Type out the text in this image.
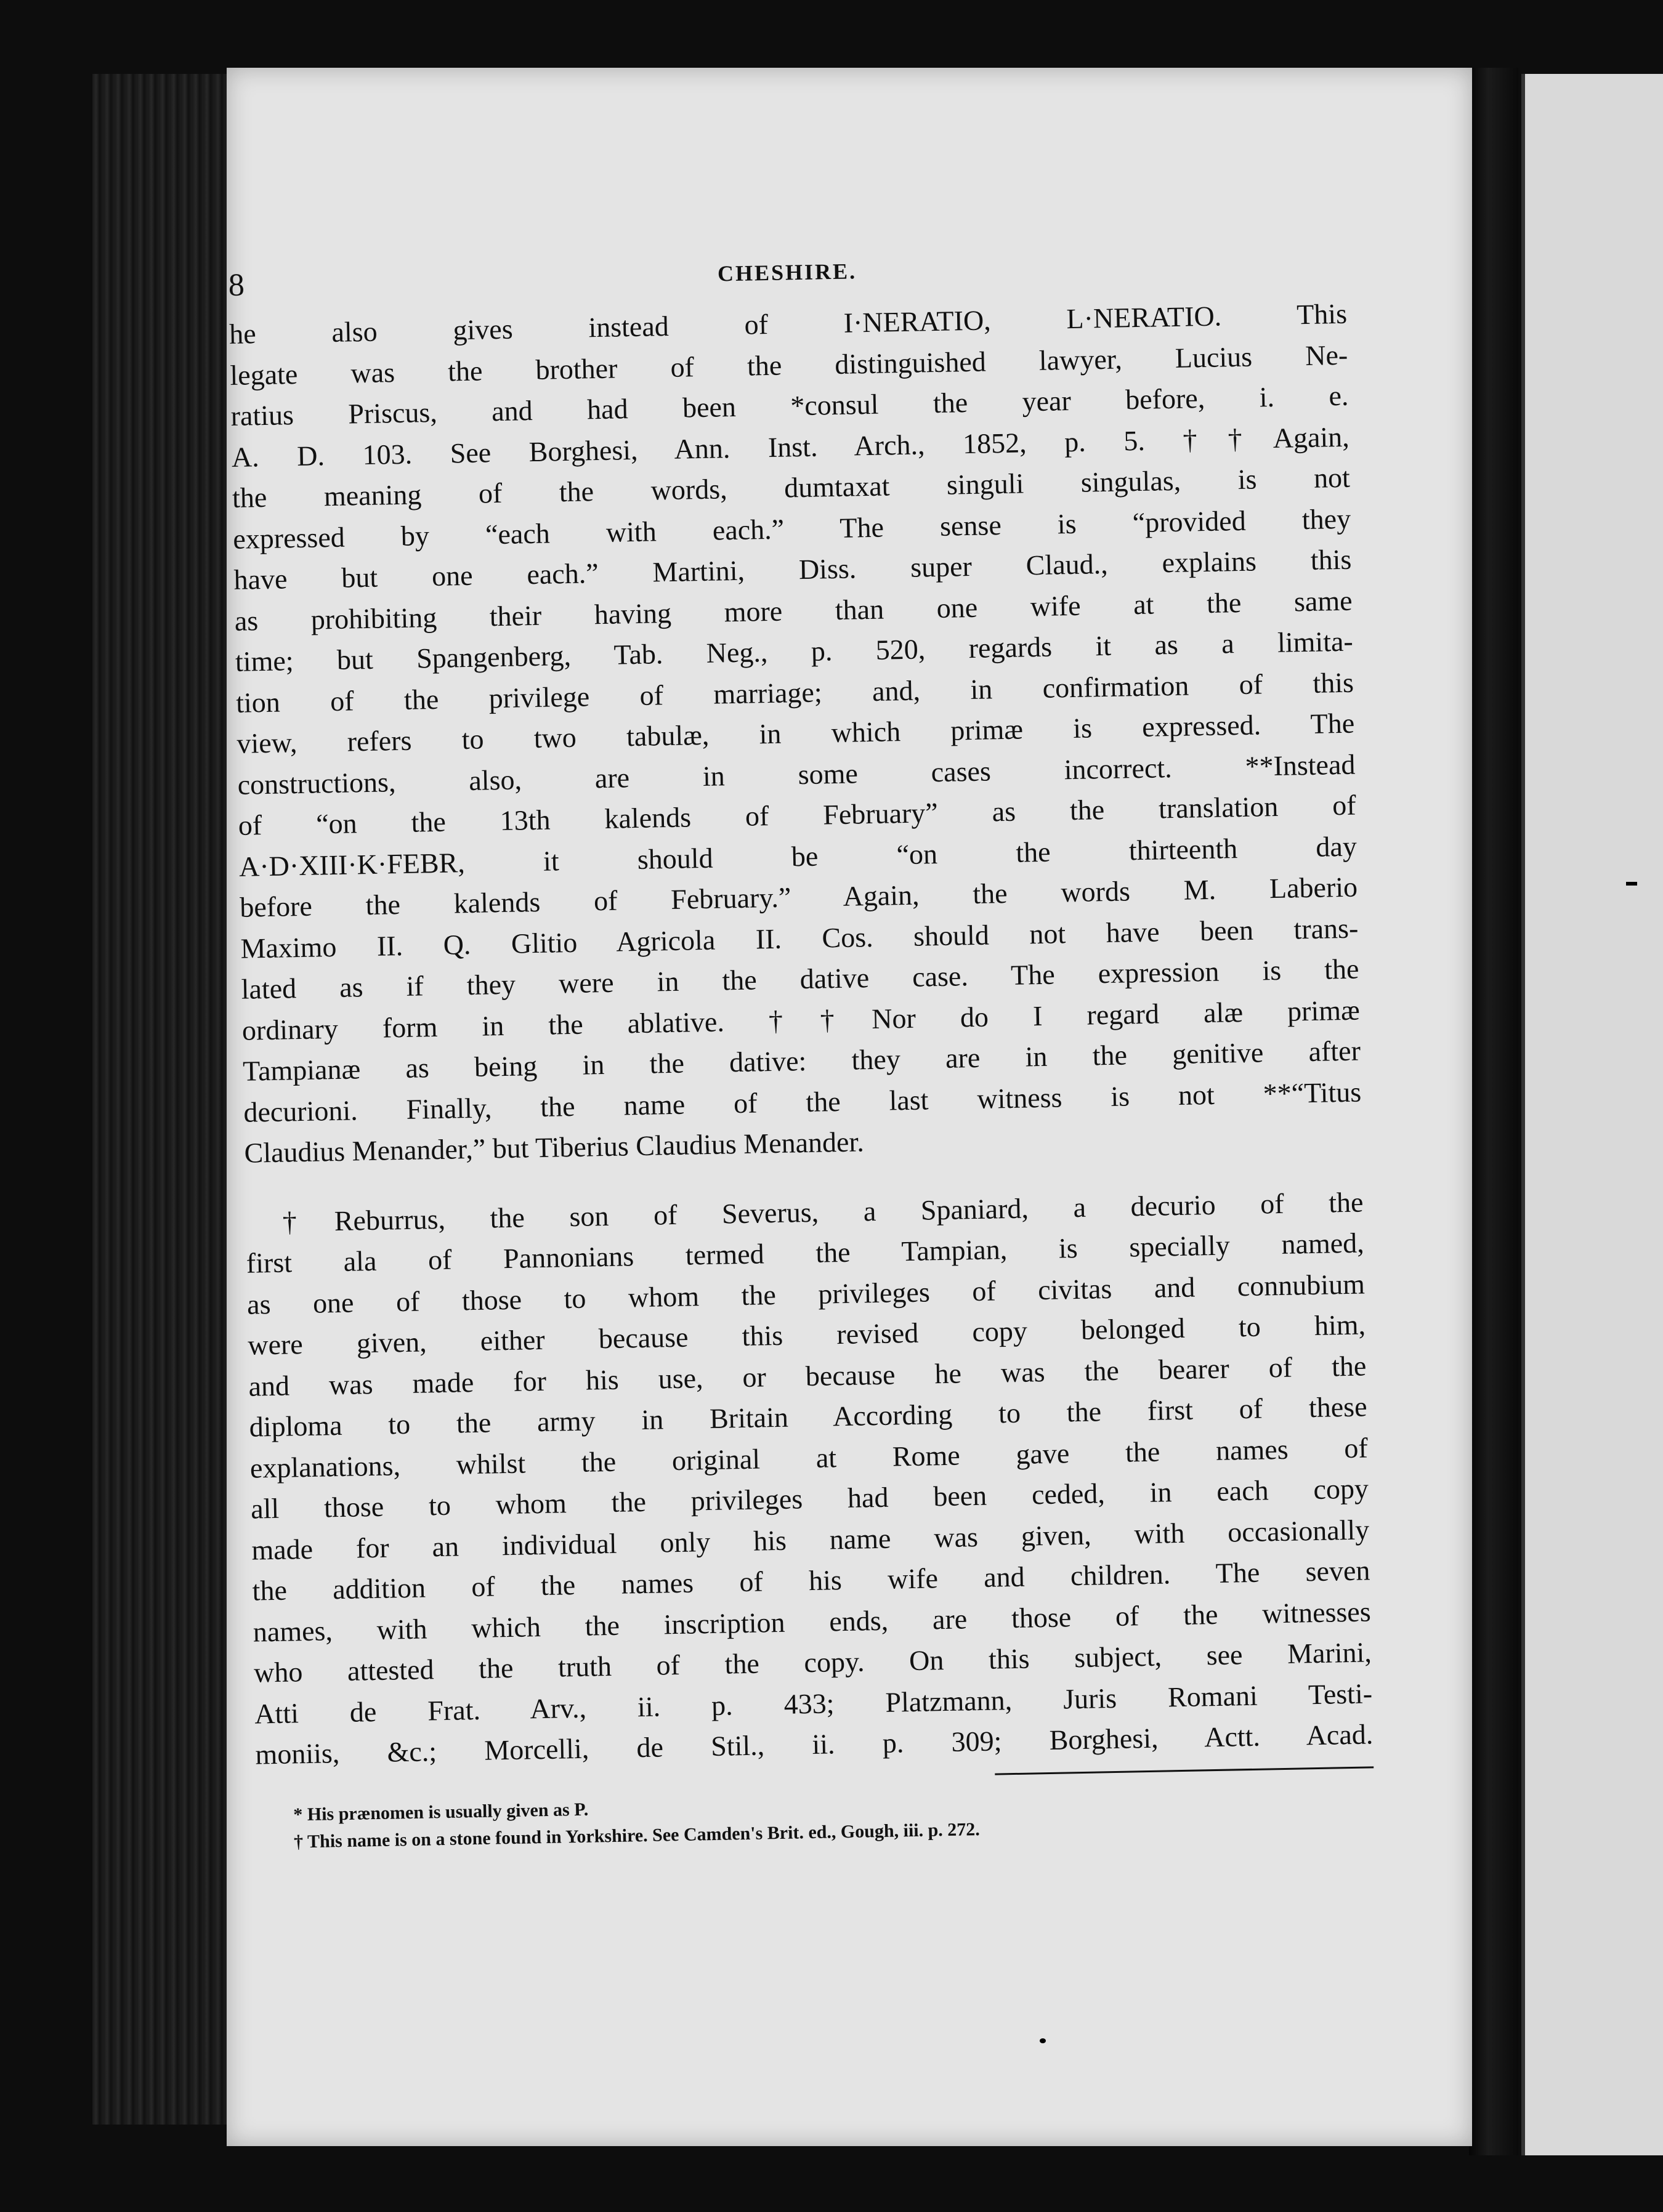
8	CHESHIRE.
he also gives instead of I·NERATIO, L·NERATIO. This
legate was the brother of the distinguished lawyer, Lucius Ne-
ratius Priscus, and had been *consul the year before, i. e.
A. D. 103. See Borghesi, Ann. Inst. Arch., 1852, p. 5. ††Again,
the meaning of the words, dumtaxat singuli singulas, is not
expressed by “each with each.” The sense is “provided they
have but one each.” Martini, Diss. super Claud., explains this
as prohibiting their having more than one wife at the same
time; but Spangenberg, Tab. Neg., p. 520, regards it as a limita-
tion of the privilege of marriage; and, in confirmation of this
view, refers to two tabulæ, in which primæ is expressed. The
constructions, also, are in some cases incorrect. **Instead
of “on the 13th kalends of February” as the translation of
A·D·XIII·K·FEBR, it should be “on the thirteenth day
before the kalends of February.” Again, the words M. Laberio
Maximo II. Q. Glitio Agricola II. Cos. should not have been trans-
lated as if they were in the dative case. The expression is the
ordinary form in the ablative. ††Nor do I regard alæ primæ
Tampianæ as being in the dative: they are in the genitive after
decurioni. Finally, the name of the last witness is not **“Titus
Claudius Menander,” but Tiberius Claudius Menander.
†Reburrus, the son of Severus, a Spaniard, a decurio of the
first ala of Pannonians termed the Tampian, is specially named,
as one of those to whom the privileges of civitas and connubium
were given, either because this revised copy belonged to him,
and was made for his use, or because he was the bearer of the
diploma to the army in Britain According to the first of these
explanations, whilst the original at Rome gave the names of
all those to whom the privileges had been ceded, in each copy
made for an individual only his name was given, with occasionally
the addition of the names of his wife and children. The seven
names, with which the inscription ends, are those of the witnesses
who attested the truth of the copy. On this subject, see Marini,
Atti de Frat. Arv., ii. p. 433; Platzmann, Juris Romani Testi-
moniis, &c.; Morcelli, de Stil., ii. p. 309; Borghesi, Actt. Acad.
* His prænomen is usually given as P.
† This name is on a stone found in Yorkshire. See Camden's Brit. ed., Gough, iii. p. 272.
